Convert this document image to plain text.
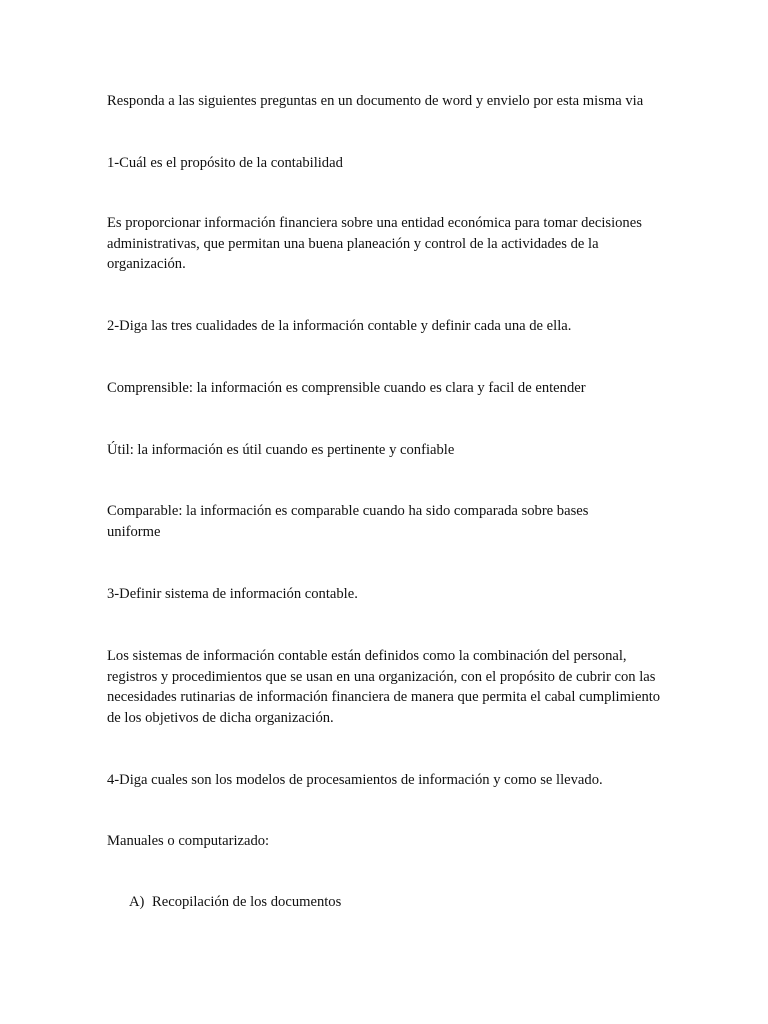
Responda a las siguientes preguntas en un documento de word y envielo por esta misma via

1-Cuál es el propósito de la contabilidad

Es proporcionar información financiera sobre una entidad económica para tomar decisiones administrativas, que permitan una buena planeación y control de la actividades de la organización.

2-Diga las tres cualidades de la información contable y definir cada una de ella.

Comprensible: la información es comprensible cuando es clara y facil de entender

Útil: la información es útil cuando es pertinente y confiable

Comparable: la información es comparable cuando ha sido comparada sobre bases uniforme

3-Definir sistema de información contable.

Los sistemas de información contable están definidos como la combinación del personal, registros y procedimientos que se usan en una organización, con el propósito de cubrir con las necesidades rutinarias de información financiera de manera que permita el cabal cumplimiento de los objetivos de dicha organización.

4-Diga cuales son los modelos de procesamientos de información y como se llevado.

Manuales o computarizado:

A) Recopilación de los documentos
